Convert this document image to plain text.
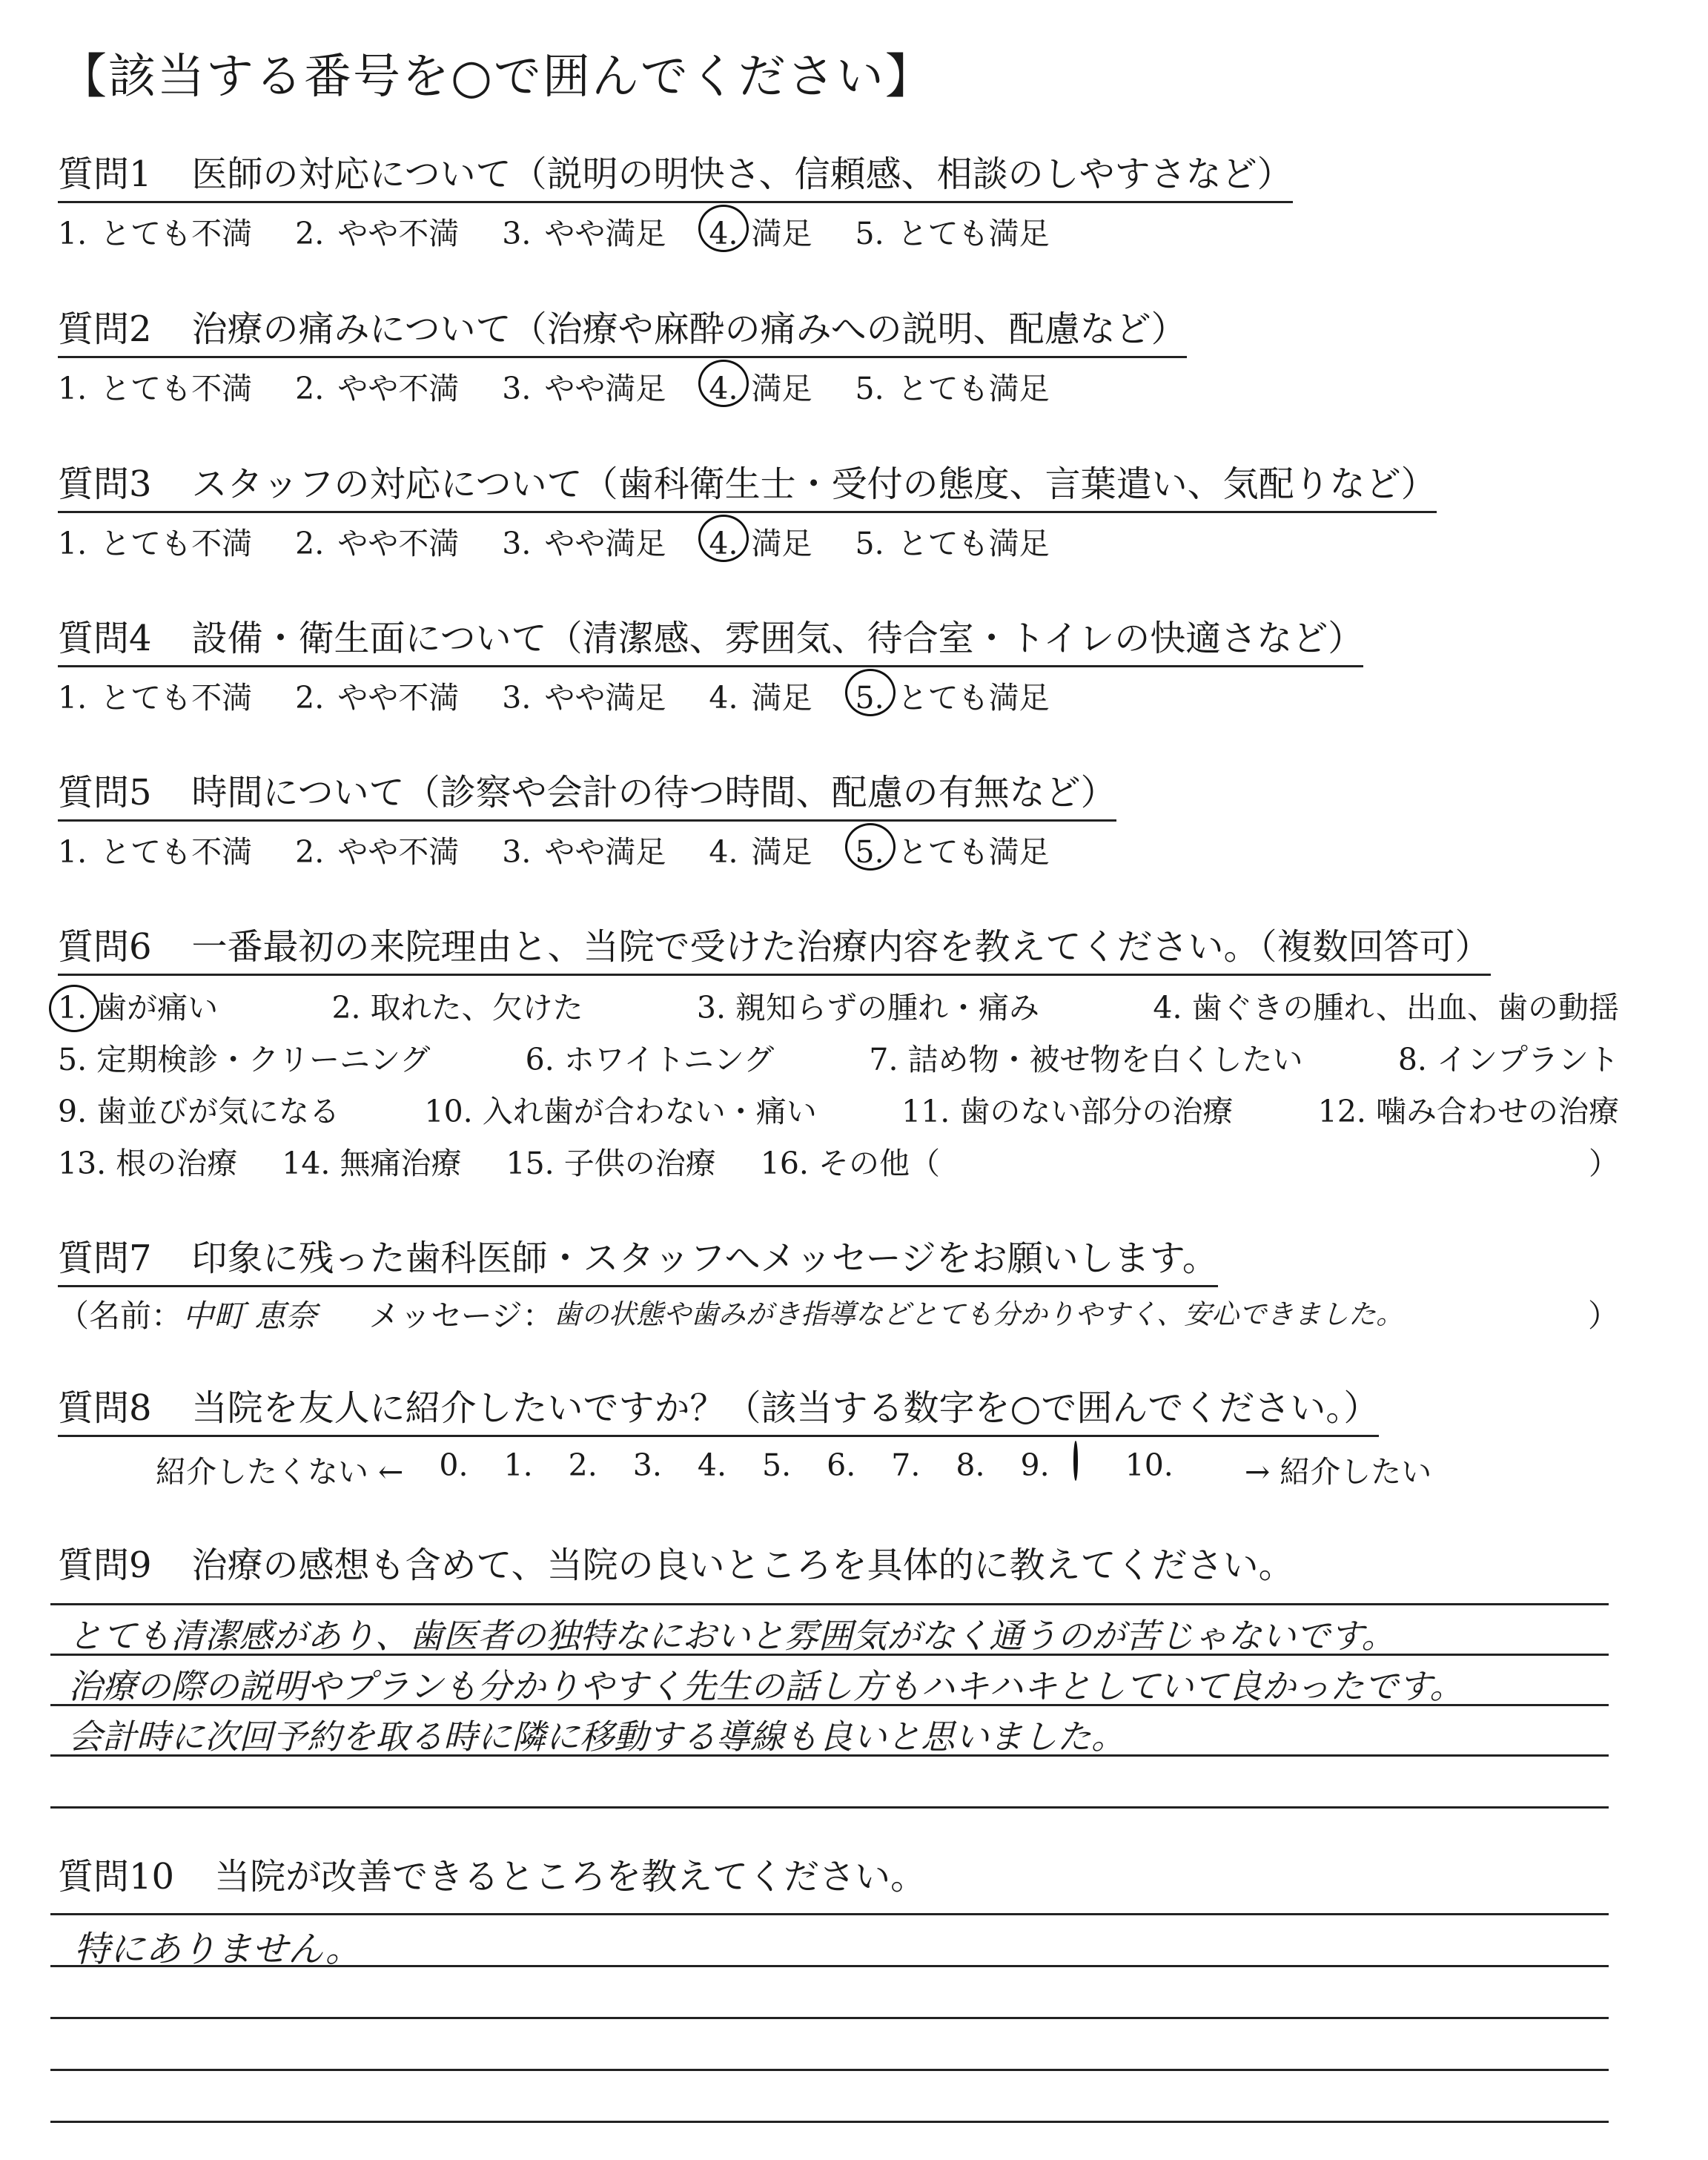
【該当する番号を○で囲んでください】
質問1 医師の対応について（説明の明快さ、信頼感、相談のしやすさなど）
1. とても不満 2. やや不満 3. やや満足 4. 満足 5. とても満足
質問2 治療の痛みについて（治療や麻酔の痛みへの説明、配慮など）
1. とても不満 2. やや不満 3. やや満足 4. 満足 5. とても満足
質問3 スタッフの対応について（歯科衛生士・受付の態度、言葉遣い、気配りなど）
1. とても不満 2. やや不満 3. やや満足 4. 満足 5. とても満足
質問4 設備・衛生面について（清潔感、雰囲気、待合室・トイレの快適さなど）
1. とても不満 2. やや不満 3. やや満足 4. 満足 5. とても満足
質問5 時間について（診察や会計の待つ時間、配慮の有無など）
1. とても不満 2. やや不満 3. やや満足 4. 満足 5. とても満足
質問6 一番最初の来院理由と、当院で受けた治療内容を教えてください。（複数回答可）
1. 歯が痛い	2. 取れた、欠けた	3. 親知らずの腫れ・痛み	4. 歯ぐきの腫れ、出血、歯の動揺
5. 定期検診・クリーニング	6. ホワイトニング	7. 詰め物・被せ物を白くしたい	8. インプラント
9. 歯並びが気になる	10. 入れ歯が合わない・痛い	11. 歯のない部分の治療	12. 噛み合わせの治療
13. 根の治療 14. 無痛治療 15. 子供の治療 16. その他（	）
質問7 印象に残った歯科医師・スタッフへメッセージをお願いします。
（名前： 中町 恵奈 メッセージ： 歯の状態や歯みがき指導などとても分かりやすく、安心できました。	）
質問8 当院を友人に紹介したいですか？（該当する数字を○で囲んでください。）
紹介したくない ← 0. 1. 2. 3. 4. 5. 6. 7. 8. 9.	10.	→ 紹介したい
質問9 治療の感想も含めて、当院の良いところを具体的に教えてください。
とても清潔感があり、歯医者の独特なにおいと雰囲気がなく通うのが苦じゃないです。
治療の際の説明やプランも分かりやすく先生の話し方もハキハキとしていて良かったです。
会計時に次回予約を取る時に隣に移動する導線も良いと思いました。
質問10 当院が改善できるところを教えてください。
特にありません。
